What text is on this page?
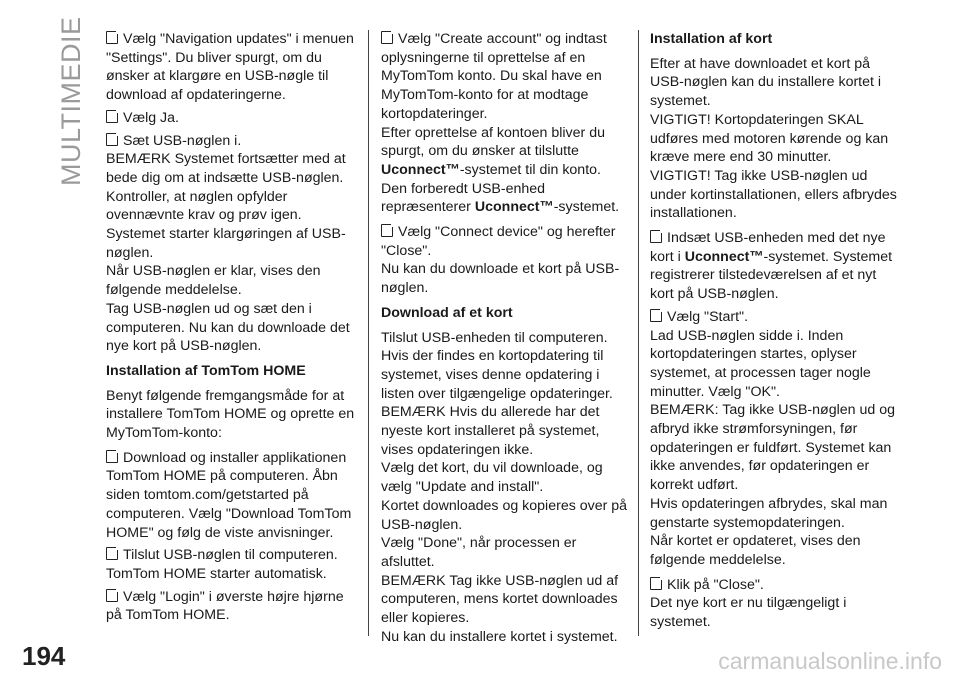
MULTIMEDIE	Vælg "Navigation updates" i menuen "Settings". Du bliver spurgt, om du ønsker at klargøre en USB-nøgle til download af opdateringerne.

Vælg Ja.

Sæt USB-nøglen i.

BEMÆRK Systemet fortsætter med at bede dig om at indsætte USB-nøglen. Kontroller, at nøglen opfylder ovennævnte krav og prøv igen. Systemet starter klargøringen af USB-nøglen.

Når USB-nøglen er klar, vises den følgende meddelelse.

Tag USB-nøglen ud og sæt den i computeren. Nu kan du downloade det nye kort på USB-nøglen.

Installation af TomTom HOME

Benyt følgende fremgangsmåde for at installere TomTom HOME og oprette en MyTomTom-konto:

Download og installer applikationen TomTom HOME på computeren. Åbn siden tomtom.com/getstarted på computeren. Vælg "Download TomTom HOME" og følg de viste anvisninger.

Tilslut USB-nøglen til computeren. TomTom HOME starter automatisk.

Vælg "Login" i øverste højre hjørne på TomTom HOME.

Vælg "Create account" og indtast oplysningerne til oprettelse af en MyTomTom konto. Du skal have en MyTomTom-konto for at modtage kortopdateringer.

Efter oprettelse af kontoen bliver du spurgt, om du ønsker at tilslutte Uconnect™-systemet til din konto. Den forberedt USB-enhed repræsenterer Uconnect™-systemet.

Vælg "Connect device" og herefter "Close".

Nu kan du downloade et kort på USB-nøglen.

Download af et kort

Tilslut USB-enheden til computeren. Hvis der findes en kortopdatering til systemet, vises denne opdatering i listen over tilgængelige opdateringer.

BEMÆRK Hvis du allerede har det nyeste kort installeret på systemet, vises opdateringen ikke.

Vælg det kort, du vil downloade, og vælg "Update and install".

Kortet downloades og kopieres over på USB-nøglen.

Vælg "Done", når processen er afsluttet.

BEMÆRK Tag ikke USB-nøglen ud af computeren, mens kortet downloades eller kopieres.

Nu kan du installere kortet i systemet.

Installation af kort

Efter at have downloadet et kort på USB-nøglen kan du installere kortet i systemet.

VIGTIGT! Kortopdateringen SKAL udføres med motoren kørende og kan kræve mere end 30 minutter.

VIGTIGT! Tag ikke USB-nøglen ud under kortinstallationen, ellers afbrydes installationen.

Indsæt USB-enheden med det nye kort i Uconnect™-systemet. Systemet registrerer tilstedeværelsen af et nyt kort på USB-nøglen.

Vælg "Start".

Lad USB-nøglen sidde i. Inden kortopdateringen startes, oplyser systemet, at processen tager nogle minutter. Vælg "OK".

BEMÆRK: Tag ikke USB-nøglen ud og afbryd ikke strømforsyningen, før opdateringen er fuldført. Systemet kan ikke anvendes, før opdateringen er korrekt udført.

Hvis opdateringen afbrydes, skal man genstarte systemopdateringen.

Når kortet er opdateret, vises den følgende meddelelse.

Klik på "Close".

Det nye kort er nu tilgængeligt i systemet.

194	carmanualsonline.info
